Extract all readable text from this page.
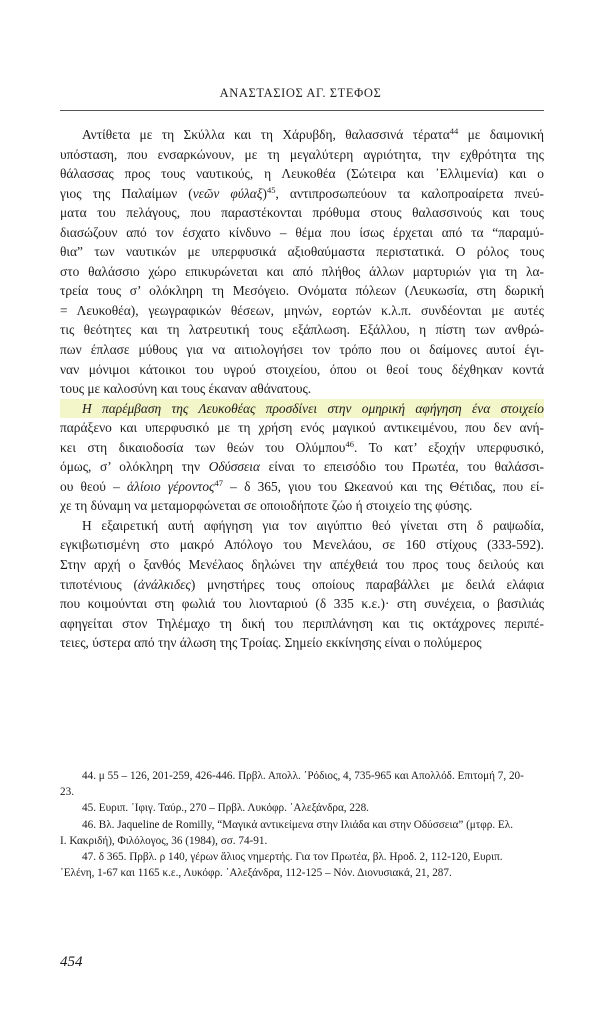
ΑΝΑΣΤΑΣΙΟΣ ΑΓ. ΣΤΕΦΟΣ
Αντίθετα με τη Σκύλλα και τη Χάρυβδη, θαλασσινά τέρατα$^{44}$ με δαιμονική
υπόσταση, που ενσαρκώνουν, με τη μεγαλύτερη αγριότητα, την εχθρότητα της
θάλασσας προς τους ναυτικούς, η Λευκοθέα (Σώτειρα και ᾿Ελλιμενία) και ο
γιος της Παλαίμων (νεῶν φύλαξ)$^{45}$, αντιπροσωπεύουν τα καλοπροαίρετα πνεύ-
ματα του πελάγους, που παραστέκονται πρόθυμα στους θαλασσινούς και τους
διασώζουν από τον έσχατο κίνδυνο – θέμα που ίσως έρχεται από τα “παραμύ-
θια” των ναυτικών με υπερφυσικά αξιοθαύμαστα περιστατικά. Ο ρόλος τους
στο θαλάσσιο χώρο επικυρώνεται και από πλήθος άλλων μαρτυριών για τη λα-
τρεία τους σ’ ολόκληρη τη Μεσόγειο. Ονόματα πόλεων (Λευκωσία, στη δωρική
= Λευκοθέα), γεωγραφικών θέσεων, μηνών, εορτών κ.λ.π. συνδέονται με αυτές
τις θεότητες και τη λατρευτική τους εξάπλωση. Εξάλλου, η πίστη των ανθρώ-
πων έπλασε μύθους για να αιτιολογήσει τον τρόπο που οι δαίμονες αυτοί έγι-
ναν μόνιμοι κάτοικοι του υγρού στοιχείου, όπου οι θεοί τους δέχθηκαν κοντά
τους με καλοσύνη και τους έκαναν αθάνατους.
Η παρέμβαση της Λευκοθέας προσδίνει στην ομηρική αφήγηση ένα στοιχείο
παράξενο και υπερφυσικό με τη χρήση ενός μαγικού αντικειμένου, που δεν ανή-
κει στη δικαιοδοσία των θεών του Ολύμπου$^{46}$. Το κατ’ εξοχήν υπερφυσικό,
όμως, σ’ ολόκληρη την Οδύσσεια είναι το επεισόδιο του Πρωτέα, του θαλάσσι-
ου θεού – ἁλίοιο γέροντος$^{47}$ – δ 365, γιου του Ωκεανού και της Θέτιδας, που εί-
χε τη δύναμη να μεταμορφώνεται σε οποιοδήποτε ζώο ή στοιχείο της φύσης.
Η εξαιρετική αυτή αφήγηση για τον αιγύπτιο θεό γίνεται στη δ ραψωδία,
εγκιβωτισμένη στο μακρό Απόλογο του Μενελάου, σε 160 στίχους (333-592).
Στην αρχή ο ξανθός Μενέλαος δηλώνει την απέχθειά του προς τους δειλούς και
τιποτένιους (ἀνάλκιδες) μνηστήρες τους οποίους παραβάλλει με δειλά ελάφια
που κοιμούνται στη φωλιά του λιονταριού (δ 335 κ.ε.)· στη συνέχεια, ο βασιλιάς
αφηγείται στον Τηλέμαχο τη δική του περιπλάνηση και τις οκτάχρονες περιπέ-
τειες, ύστερα από την άλωση της Τροίας. Σημείο εκκίνησης είναι ο πολύμερος
44. μ 55 – 126, 201-259, 426-446. Πρβλ. Απολλ. ᾿Ρόδιος, 4, 735-965 και Απολλόδ. Επιτομή 7, 20-
23.
45. Ευριπ. ᾿Ιφιγ. Ταύρ., 270 – Πρβλ. Λυκόφρ. ᾿Αλεξάνδρα, 228.
46. Βλ. Jaqueline de Romilly, “Μαγικά αντικείμενα στην Ιλιάδα και στην Οδύσσεια” (μτφρ. Ελ.
Ι. Κακριδή), Φιλόλογος, 36 (1984), σσ. 74-91.
47. δ 365. Πρβλ. ρ 140, γέρων ἅλιος νημερτής. Για τον Πρωτέα, βλ. Ηροδ. 2, 112-120, Ευριπ.
᾿Ελένη, 1-67 και 1165 κ.ε., Λυκόφρ. ᾿Αλεξάνδρα, 112-125 – Νόν. Διονυσιακά, 21, 287.
454
